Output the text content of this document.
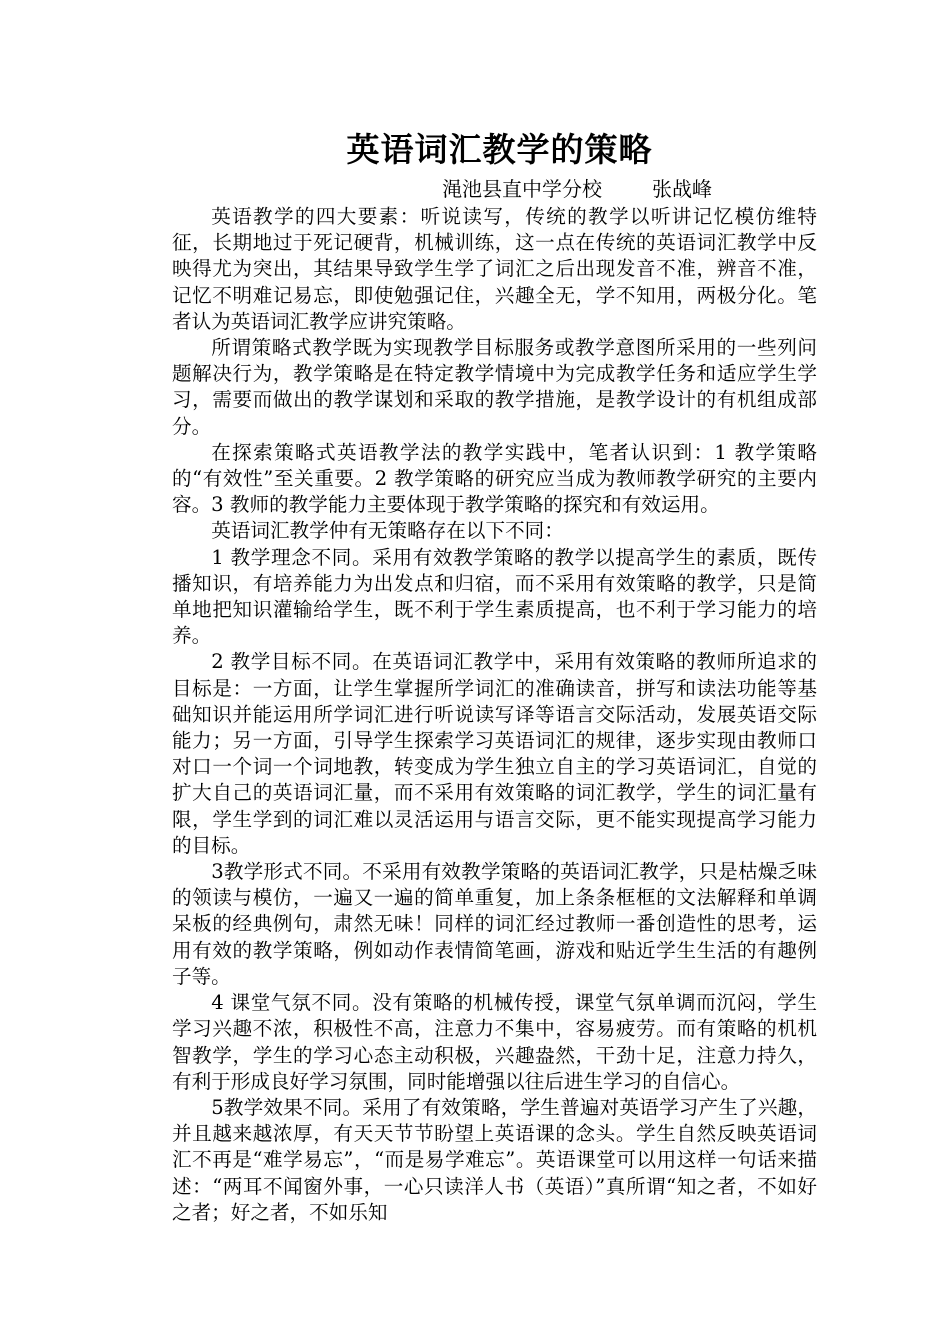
英语词汇教学的策略
渑池县直中学分校	张战峰

英语教学的四大要素：听说读写，传统的教学以听讲记忆模仿维特征，长期地过于死记硬背，机械训练，这一点在传统的英语词汇教学中反映得尤为突出，其结果导致学生学了词汇之后出现发音不准，辨音不准，记忆不明难记易忘，即使勉强记住，兴趣全无，学不知用，两极分化。笔者认为英语词汇教学应讲究策略。

所谓策略式教学既为实现教学目标服务或教学意图所采用的一些列问题解决行为，教学策略是在特定教学情境中为完成教学任务和适应学生学习，需要而做出的教学谋划和采取的教学措施，是教学设计的有机组成部分。

在探索策略式英语教学法的教学实践中，笔者认识到：1 教学策略的“有效性”至关重要。2 教学策略的研究应当成为教师教学研究的主要内容。3 教师的教学能力主要体现于教学策略的探究和有效运用。

英语词汇教学仲有无策略存在以下不同：

1 教学理念不同。采用有效教学策略的教学以提高学生的素质，既传播知识，有培养能力为出发点和归宿，而不采用有效策略的教学，只是简单地把知识灌输给学生，既不利于学生素质提高，也不利于学习能力的培养。

2 教学目标不同。在英语词汇教学中，采用有效策略的教师所追求的目标是：一方面，让学生掌握所学词汇的准确读音，拼写和读法功能等基础知识并能运用所学词汇进行听说读写译等语言交际活动，发展英语交际能力；另一方面，引导学生探索学习英语词汇的规律，逐步实现由教师口对口一个词一个词地教，转变成为学生独立自主的学习英语词汇，自觉的扩大自己的英语词汇量，而不采用有效策略的词汇教学，学生的词汇量有限，学生学到的词汇难以灵活运用与语言交际，更不能实现提高学习能力的目标。

3教学形式不同。不采用有效教学策略的英语词汇教学，只是枯燥乏味的领读与模仿，一遍又一遍的简单重复，加上条条框框的文法解释和单调呆板的经典例句，肃然无味！同样的词汇经过教师一番创造性的思考，运用有效的教学策略，例如动作表情简笔画，游戏和贴近学生生活的有趣例子等。

4 课堂气氛不同。没有策略的机械传授，课堂气氛单调而沉闷，学生学习兴趣不浓，积极性不高，注意力不集中，容易疲劳。而有策略的机机智教学，学生的学习心态主动积极，兴趣盎然，干劲十足，注意力持久，有利于形成良好学习氛围，同时能增强以往后进生学习的自信心。

5教学效果不同。采用了有效策略，学生普遍对英语学习产生了兴趣，并且越来越浓厚，有天天节节盼望上英语课的念头。学生自然反映英语词汇不再是“难学易忘”，“而是易学难忘”。英语课堂可以用这样一句话来描述：“两耳不闻窗外事，一心只读洋人书（英语）”真所谓“知之者，不如好之者；好之者，不如乐知
